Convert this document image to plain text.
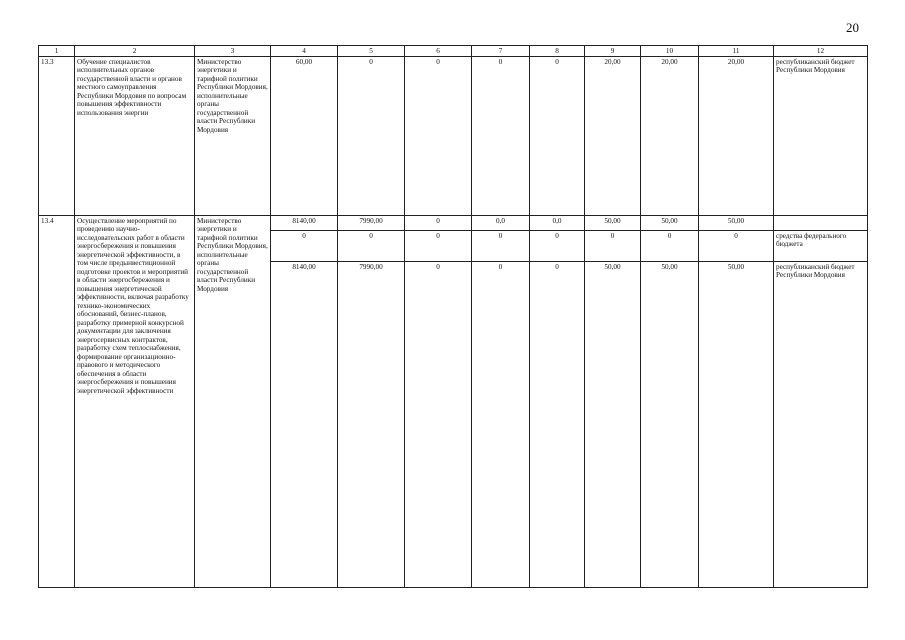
20
1	2	3	4	5	6	7	8	9	10	11	12
13.3	Обучение специалистов исполнительных органов государственной власти и органов местного самоуправления Республики Мордовия по вопросам повышения эффективности использования энергии	Министерство энергетики и тарифной политики Республики Мордовия, исполнительные органы государственной власти Республики Мордовия	60,00	0	0	0	0	20,00	20,00	20,00	республиканский бюджет Республики Мордовия
13.4	Осуществление мероприятий по проведению научно-исследовательских работ в области энергосбережения и повышения энергетической эффективности, в том числе предынвестиционной подготовке проектов и мероприятий в области энергосбережения и повышения энергетической эффективности, включая разработку технико-экономических обоснований, бизнес-планов, разработку примерной конкурсной документации для заключения энергосервисных контрактов, разработку схем теплоснабжения, формирование организационно-правового и методического обеспечения в области энергосбережения и повышения энергетической эффективности	Министерство энергетики и тарифной политики Республики Мордовия, исполнительные органы государственной власти Республики Мордовия	8140,00	7990,00	0	0,0	0,0	50,00	50,00	50,00	
			0	0	0	0	0	0	0	0	средства федерального бюджета
			8140,00	7990,00	0	0	0	50,00	50,00	50,00	республиканский бюджет Республики Мордовия
